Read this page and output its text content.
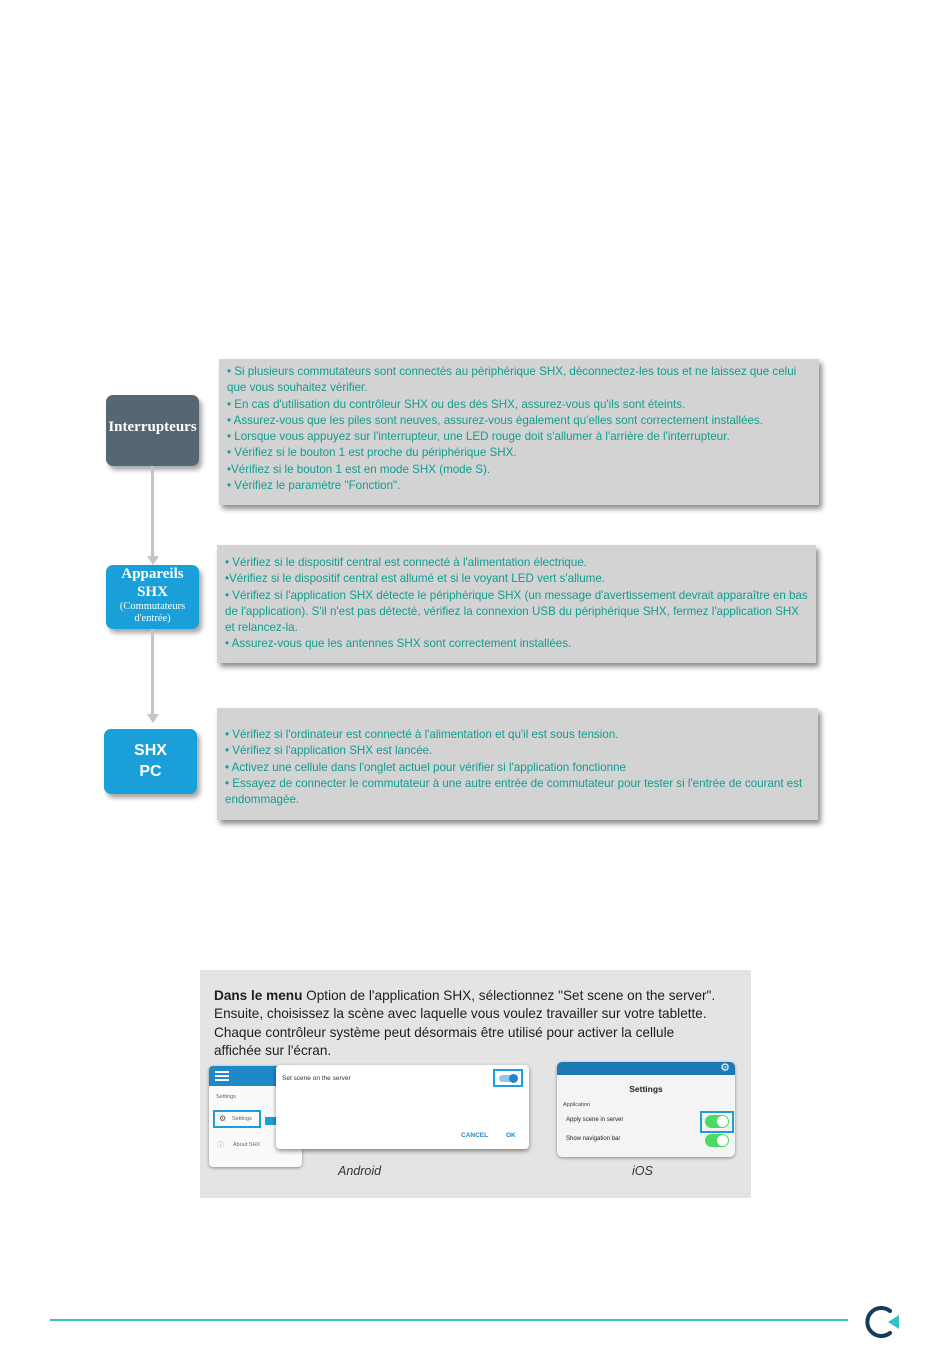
Interrupteurs
Appareils
SHX
(Commutateurs
d'entrée)
SHX
PC

• Si plusieurs commutateurs sont connectés au périphérique SHX, déconnectez-les tous et ne laissez que celui que vous souhaitez vérifier.

• En cas d'utilisation du contrôleur SHX ou des dés SHX, assurez-vous qu'ils sont éteints.

• Assurez-vous que les piles sont neuves, assurez-vous également qu'elles sont correctement installées.

• Lorsque vous appuyez sur l'interrupteur, une LED rouge doit s'allumer à l'arrière de l'interrupteur.

• Vérifiez si le bouton 1 est proche du périphérique SHX.

•Vérifiez si le bouton 1 est en mode SHX (mode S).

• Vérifiez le paramètre "Fonction".

• Vérifiez si le dispositif central est connecté à l'alimentation électrique.

•Vérifiez si le dispositif central est allumé et si le voyant LED vert s'allume.

• Vérifiez si l'application SHX détecte le périphérique SHX (un message d'avertissement devrait apparaître en bas de l'application). S'il n'est pas détecté, vérifiez la connexion USB du périphérique SHX, fermez l'application SHX et relancez-la.

• Assurez-vous que les antennes SHX sont correctement installées.

• Vérifiez si l'ordinateur est connecté à l'alimentation et qu'il est sous tension.

• Vérifiez si l'application SHX est lancée.

• Activez une cellule dans l'onglet actuel pour vérifier si l'application fonctionne

• Essayez de connecter le commutateur à une autre entrée de commutateur pour tester si l'entrée de courant est endommagée.

Dans le menu Option de l'application SHX, sélectionnez "Set scene on the server".
Ensuite, choisissez la scène avec laquelle vous voulez travailler sur votre tablette.
Chaque contrôleur système peut désormais être utilisé pour activer la cellule
affichée sur l'écran.
Settings
⚙ Settings
ⓘ About SHX
Set scene on the server
CANCEL	OK
⚙
Settings
Application
Apply scene in server
Show navigation bar
Android	iOS
